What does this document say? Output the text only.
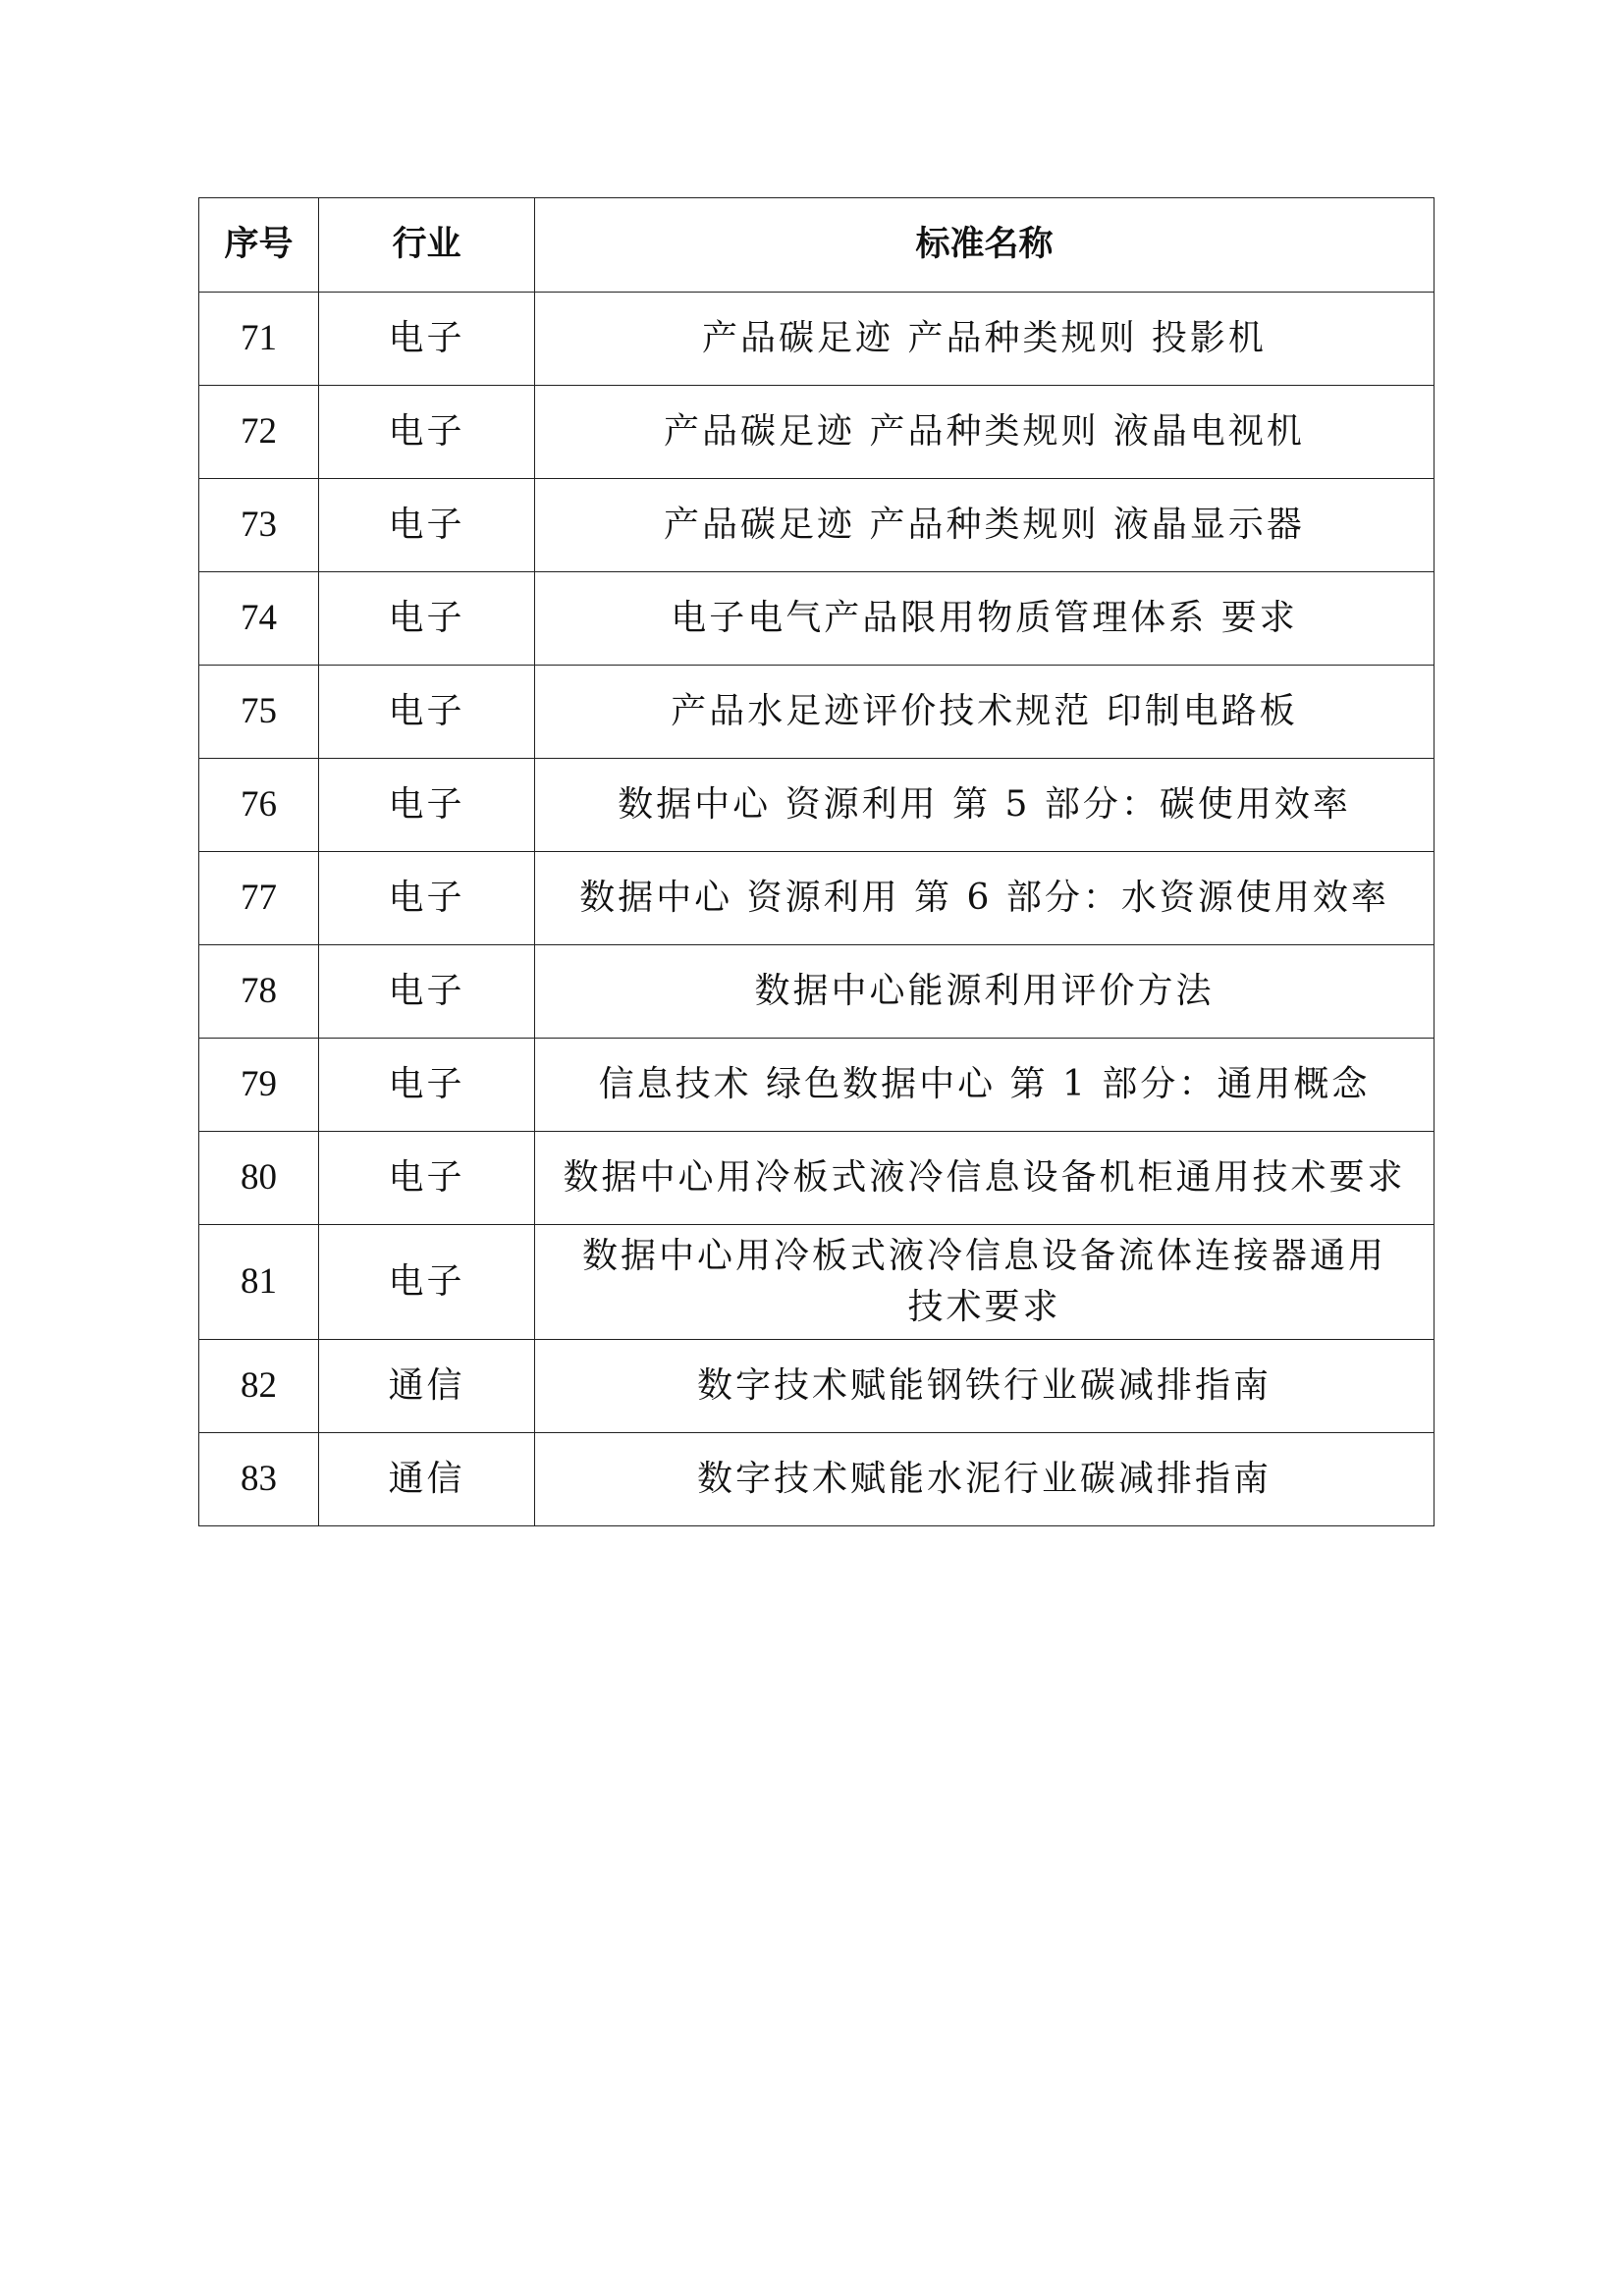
序号	行业	标准名称
71	电子	产品碳足迹 产品种类规则 投影机
72	电子	产品碳足迹 产品种类规则 液晶电视机
73	电子	产品碳足迹 产品种类规则 液晶显示器
74	电子	电子电气产品限用物质管理体系 要求
75	电子	产品水足迹评价技术规范 印制电路板
76	电子	数据中心 资源利用 第 5 部分：碳使用效率
77	电子	数据中心 资源利用 第 6 部分：水资源使用效率
78	电子	数据中心能源利用评价方法
79	电子	信息技术 绿色数据中心 第 1 部分：通用概念
80	电子	数据中心用冷板式液冷信息设备机柜通用技术要求
81	电子	数据中心用冷板式液冷信息设备流体连接器通用技术要求
82	通信	数字技术赋能钢铁行业碳减排指南
83	通信	数字技术赋能水泥行业碳减排指南
